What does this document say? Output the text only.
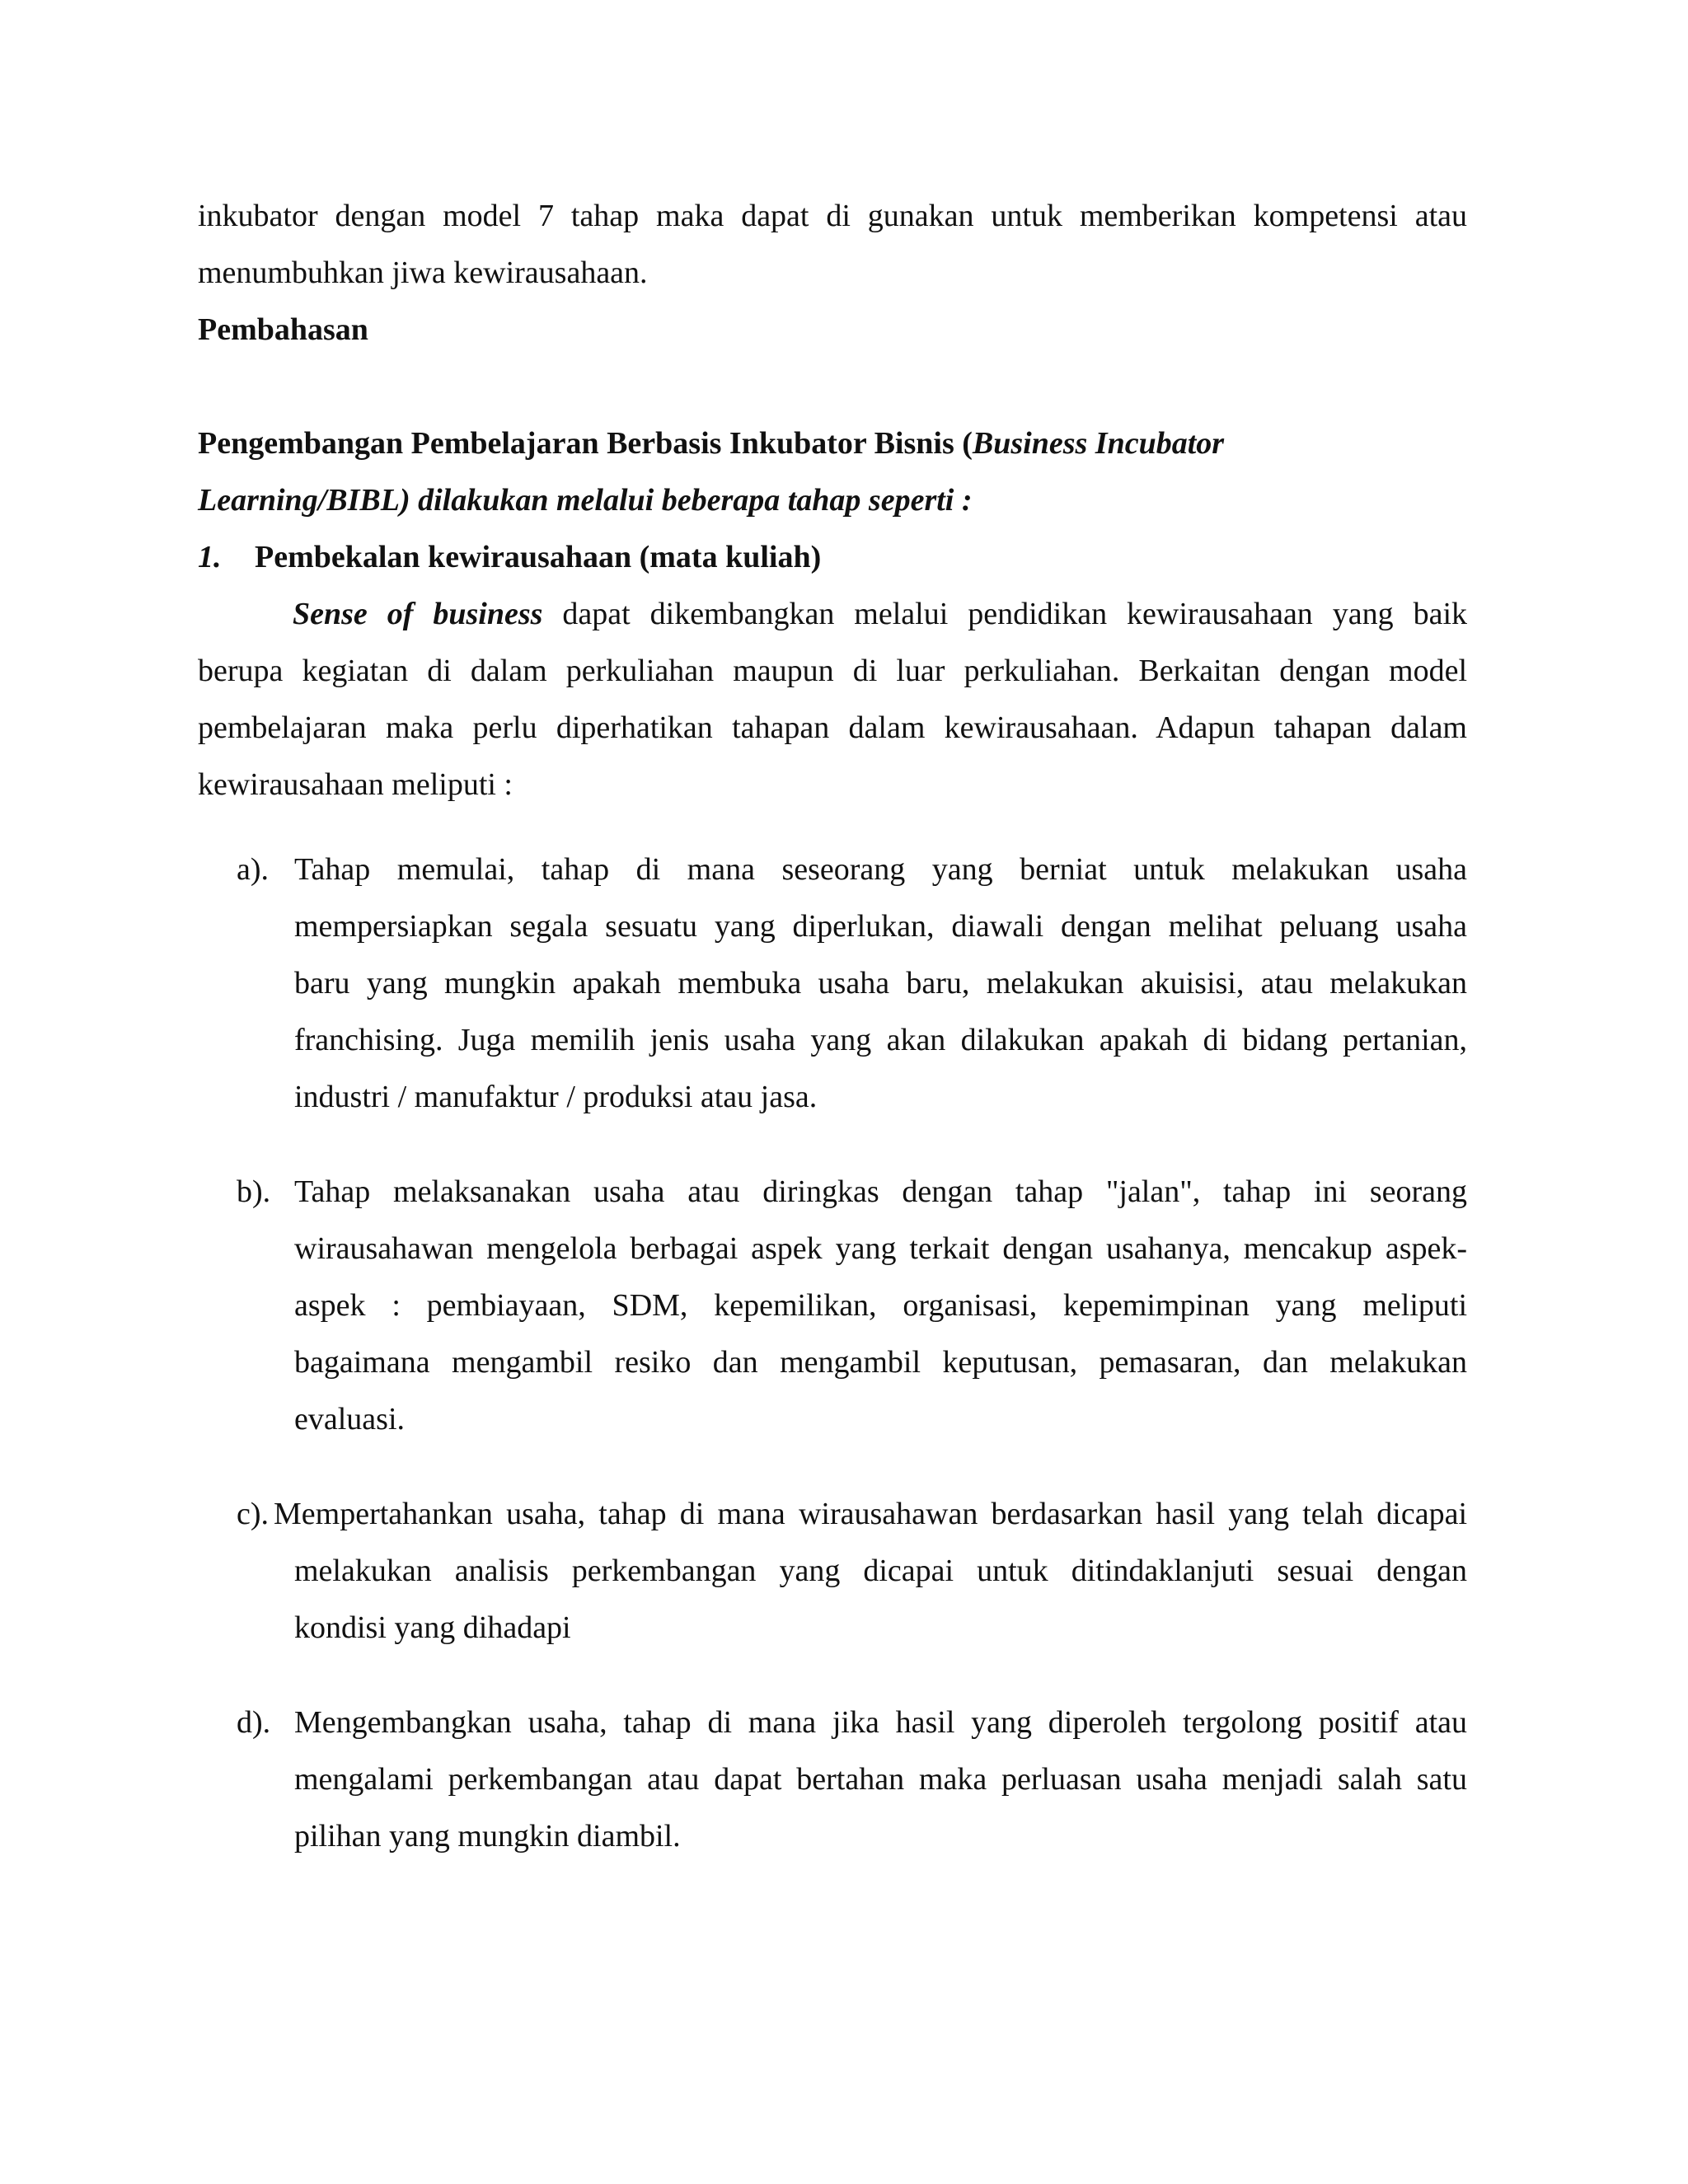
inkubator dengan model 7 tahap maka dapat di gunakan untuk memberikan kompetensi atau
menumbuhkan jiwa kewirausahaan.
Pembahasan
Pengembangan Pembelajaran Berbasis Inkubator Bisnis (Business Incubator
Learning/BIBL) dilakukan melalui beberapa tahap seperti :
1. Pembekalan kewirausahaan (mata kuliah)
Sense of business dapat dikembangkan melalui pendidikan kewirausahaan yang baik
berupa kegiatan di dalam perkuliahan maupun di luar perkuliahan. Berkaitan dengan model
pembelajaran maka perlu diperhatikan tahapan dalam kewirausahaan. Adapun tahapan dalam
kewirausahaan meliputi :
a). Tahap memulai, tahap di mana seseorang yang berniat untuk melakukan usaha
mempersiapkan segala sesuatu yang diperlukan, diawali dengan melihat peluang usaha
baru yang mungkin apakah membuka usaha baru, melakukan akuisisi, atau melakukan
franchising. Juga memilih jenis usaha yang akan dilakukan apakah di bidang pertanian,
industri / manufaktur / produksi atau jasa.
b). Tahap melaksanakan usaha atau diringkas dengan tahap "jalan", tahap ini seorang
wirausahawan mengelola berbagai aspek yang terkait dengan usahanya, mencakup aspek-
aspek : pembiayaan, SDM, kepemilikan, organisasi, kepemimpinan yang meliputi
bagaimana mengambil resiko dan mengambil keputusan, pemasaran, dan melakukan
evaluasi.
c). Mempertahankan usaha, tahap di mana wirausahawan berdasarkan hasil yang telah dicapai
melakukan analisis perkembangan yang dicapai untuk ditindaklanjuti sesuai dengan
kondisi yang dihadapi
d). Mengembangkan usaha, tahap di mana jika hasil yang diperoleh tergolong positif atau
mengalami perkembangan atau dapat bertahan maka perluasan usaha menjadi salah satu
pilihan yang mungkin diambil.
